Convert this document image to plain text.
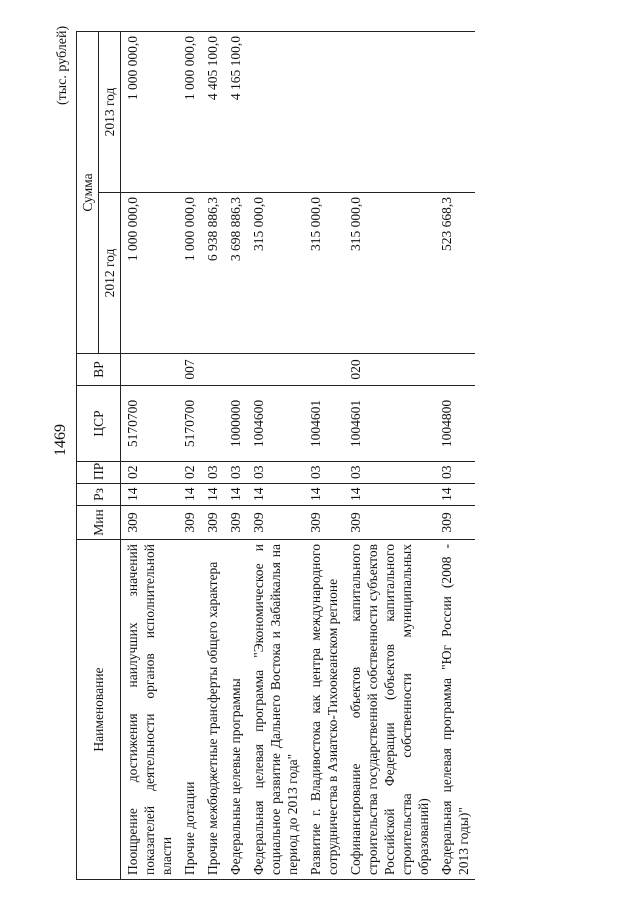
1469
(тыс. рублей)
Наименование	Мин	Рз	ПР	ЦСР	ВР	Сумма	
						2012 год	2013 год
Поощрение достижения наилучших значений показателей деятельности органов исполнительной власти	309	14	02	5170700		1 000 000,0	1 000 000,0
Прочие дотации	309	14	02	5170700	007	1 000 000,0	1 000 000,0
Прочие межбюджетные трансферты общего характера	309	14	03			6 938 886,3	4 405 100,0
Федеральные целевые программы	309	14	03	1000000		3 698 886,3	4 165 100,0
Федеральная целевая программа "Экономическое и социальное развитие Дальнего Востока и Забайкалья на период до 2013 года"	309	14	03	1004600		315 000,0	
Развитие г. Владивостока как центра международного сотрудничества в Азиатско-Тихоокеанском регионе	309	14	03	1004601		315 000,0	
Софинансирование объектов капитального строительства государственной собственности субъектов Российской Федерации (объектов капитального строительства собственности муниципальных образований)	309	14	03	1004601	020	315 000,0	
Федеральная целевая программа "Юг России (2008 - 2013 годы)"	309	14	03	1004800		523 668,3	
